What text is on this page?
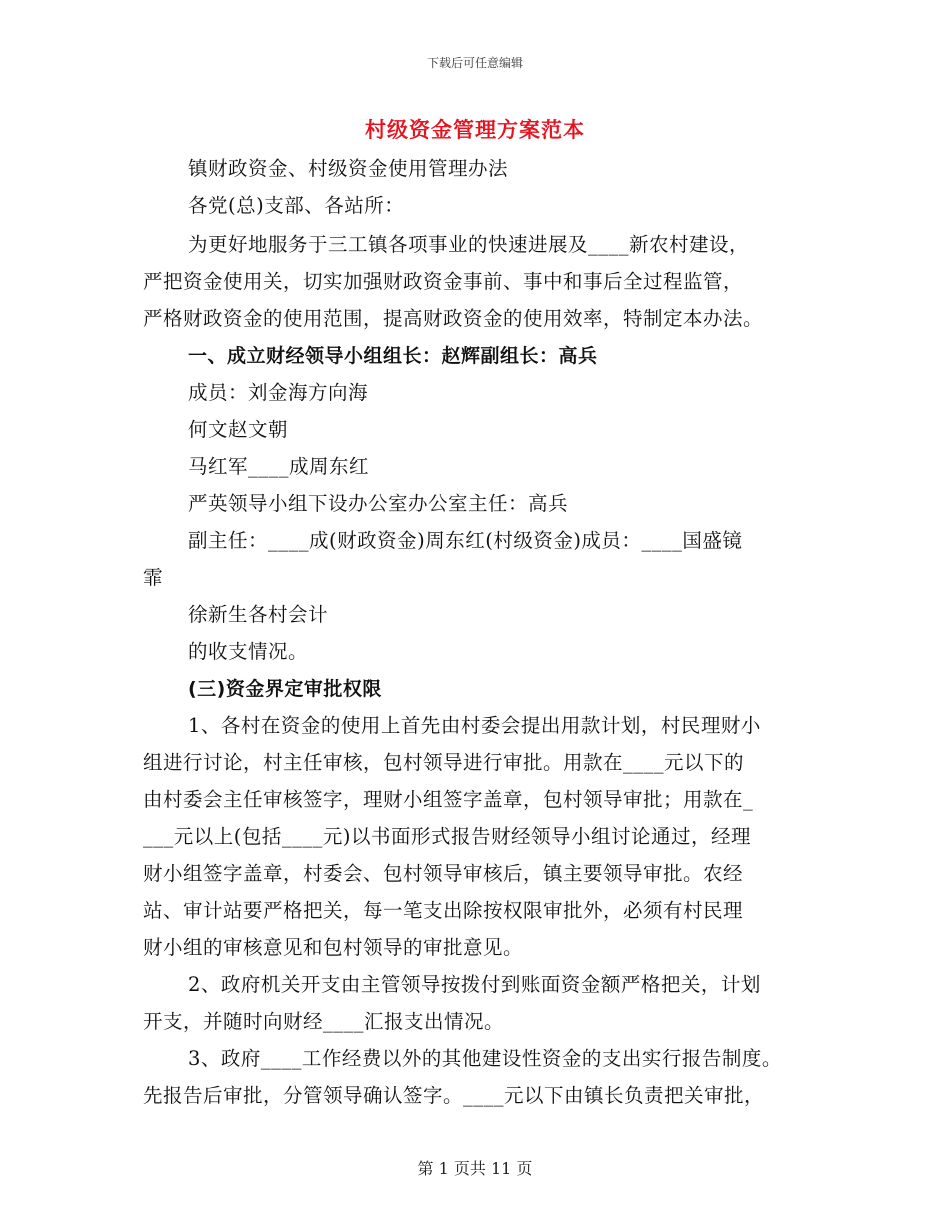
下载后可任意编辑
村级资金管理方案范本
镇财政资金、村级资金使用管理办法
各党(总)支部、各站所：
为更好地服务于三工镇各项事业的快速进展及____新农村建设，
严把资金使用关，切实加强财政资金事前、事中和事后全过程监管，
严格财政资金的使用范围，提高财政资金的使用效率，特制定本办法。
一、成立财经领导小组组长：赵辉副组长：高兵
成员：刘金海方向海
何文赵文朝
马红军____成周东红
严英领导小组下设办公室办公室主任：高兵
副主任：____成(财政资金)周东红(村级资金)成员：____国盛镜
霏
徐新生各村会计
的收支情况。
(三)资金界定审批权限
1、各村在资金的使用上首先由村委会提出用款计划，村民理财小
组进行讨论，村主任审核，包村领导进行审批。用款在____元以下的
由村委会主任审核签字，理财小组签字盖章，包村领导审批；用款在_
___元以上(包括____元)以书面形式报告财经领导小组讨论通过，经理
财小组签字盖章，村委会、包村领导审核后，镇主要领导审批。农经
站、审计站要严格把关，每一笔支出除按权限审批外，必须有村民理
财小组的审核意见和包村领导的审批意见。
2、政府机关开支由主管领导按拨付到账面资金额严格把关，计划
开支，并随时向财经____汇报支出情况。
3、政府____工作经费以外的其他建设性资金的支出实行报告制度。
先报告后审批，分管领导确认签字。____元以下由镇长负责把关审批，
第 1 页共 11 页
